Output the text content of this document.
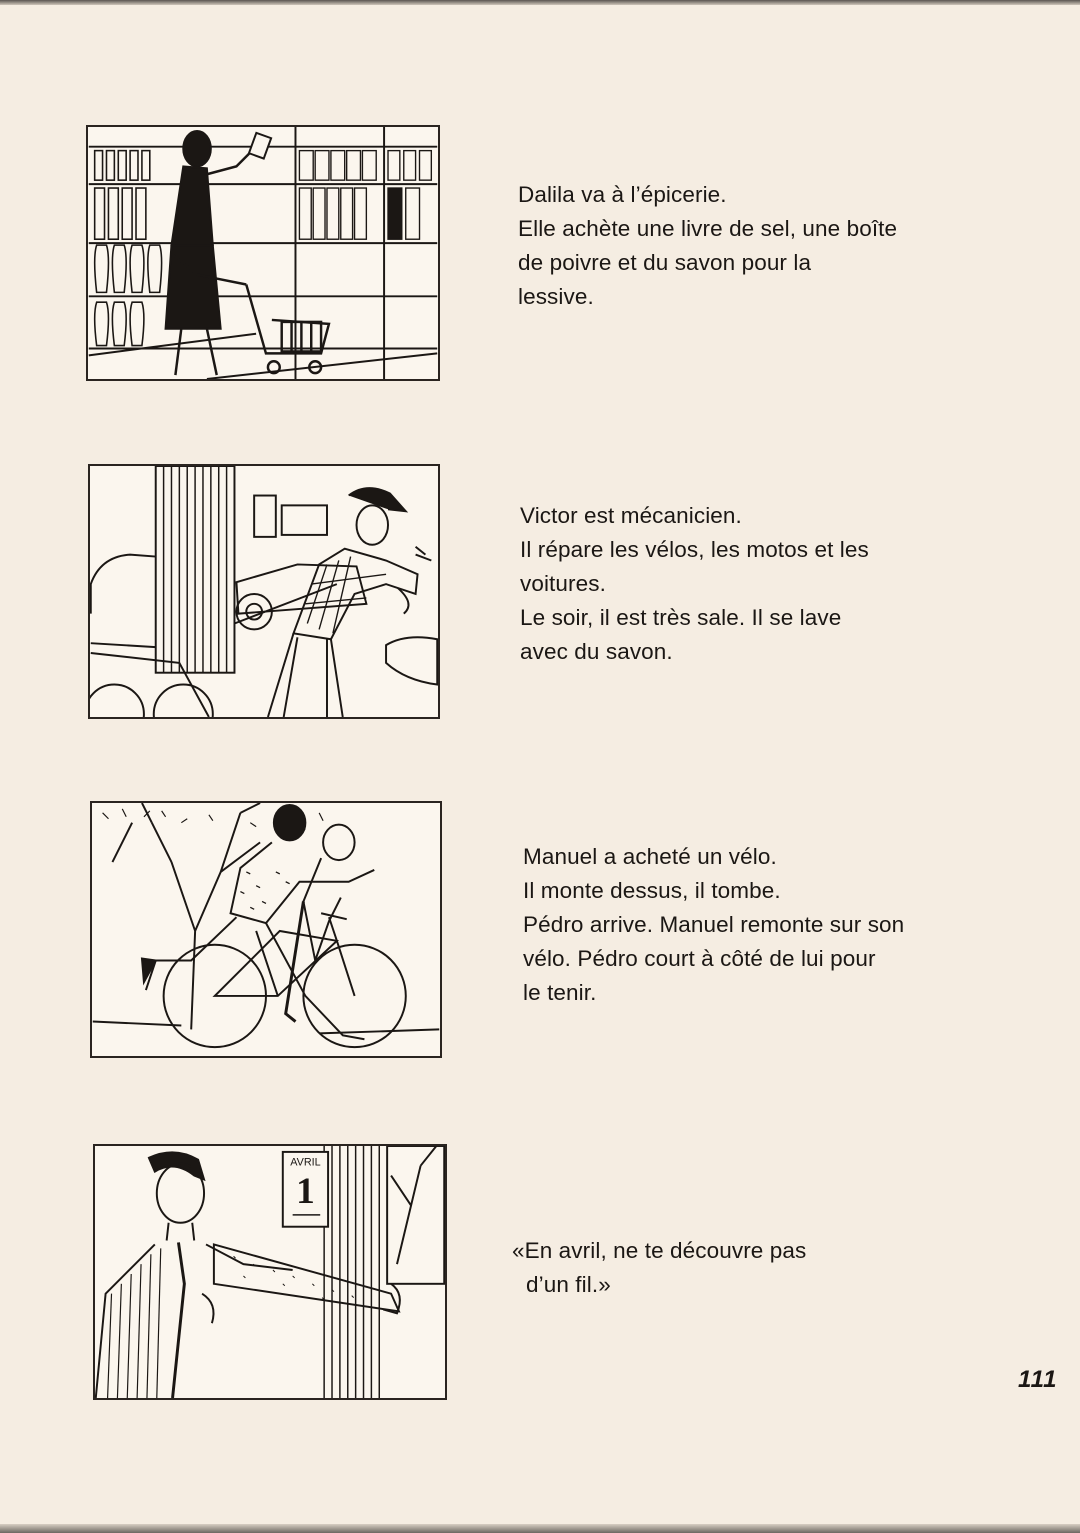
Dalila va à l’épicerie.
Elle achète une livre de sel, une boîte
de poivre et du savon pour la
lessive.
Victor est mécanicien.
Il répare les vélos, les motos et les
voitures.
Le soir, il est très sale. Il se lave
avec du savon.
Manuel a acheté un vélo.
Il monte dessus, il tombe.
Pédro arrive. Manuel remonte sur son
vélo. Pédro court à côté de lui pour
le tenir.
AVRIL
1
«En avril, ne te découvre pas
d’un fil.»
111
